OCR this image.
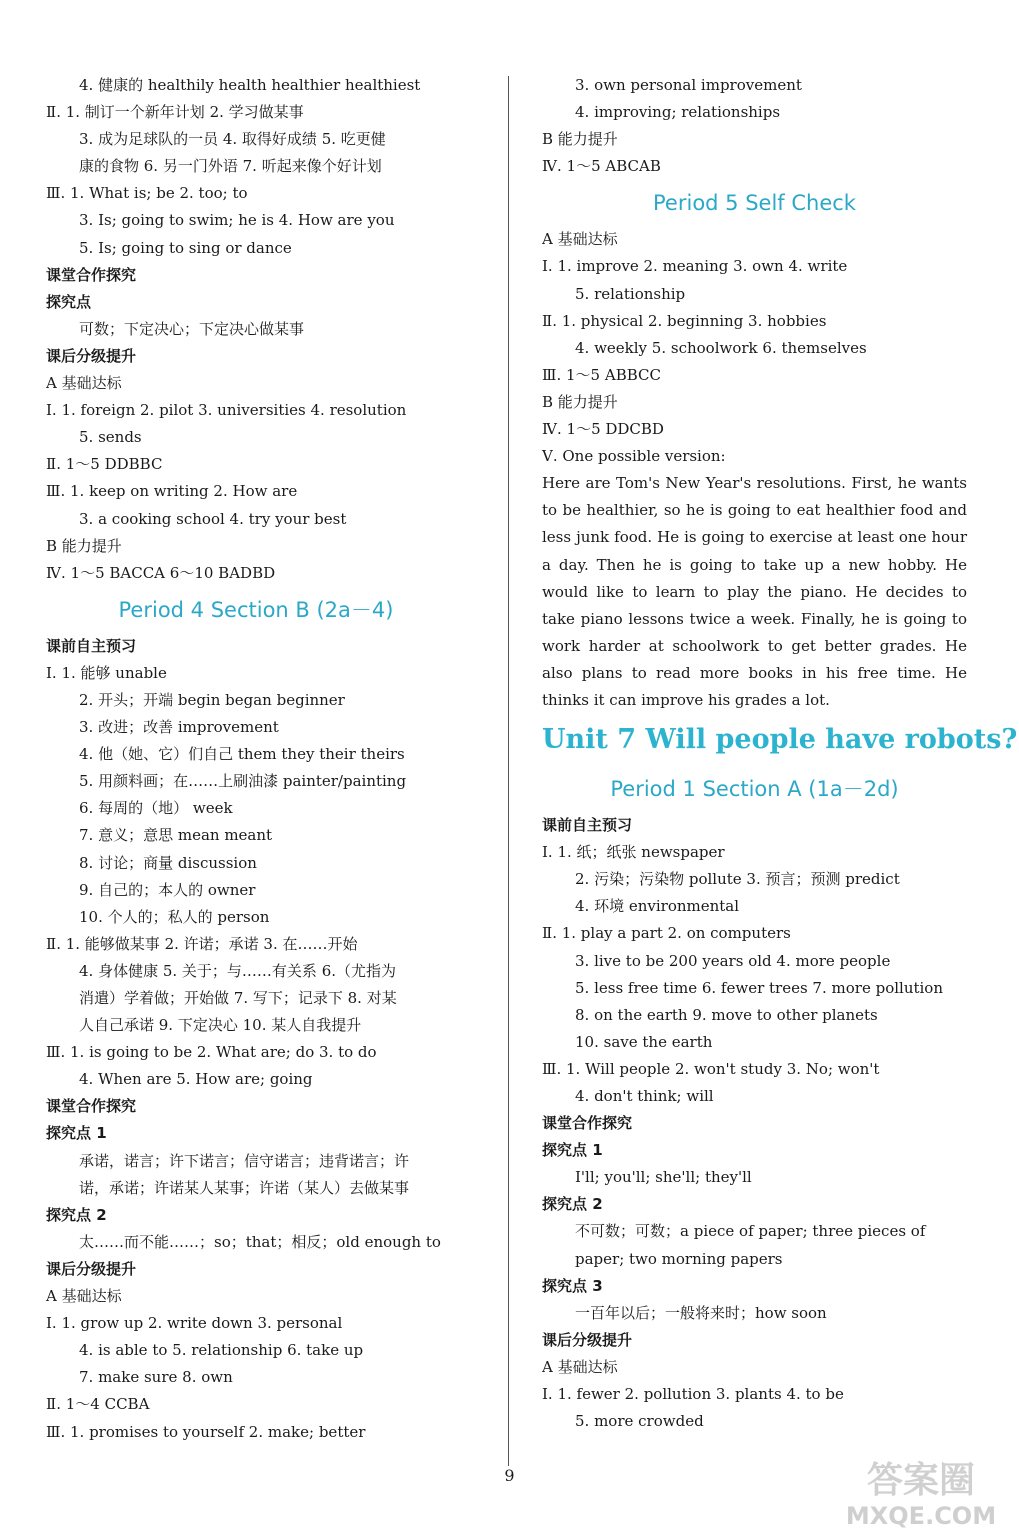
4. 健康的 healthily health healthier healthiest
Ⅱ. 1. 制订一个新年计划 2. 学习做某事
3. 成为足球队的一员 4. 取得好成绩 5. 吃更健
康的食物 6. 另一门外语 7. 听起来像个好计划
Ⅲ. 1. What is; be 2. too; to
3. Is; going to swim; he is 4. How are you
5. Is; going to sing or dance
课堂合作探究
探究点
可数；下定决心；下定决心做某事
课后分级提升
A 基础达标
Ⅰ. 1. foreign 2. pilot 3. universities 4. resolution
5. sends
Ⅱ. 1～5 DDBBC
Ⅲ. 1. keep on writing 2. How are
3. a cooking school 4. try your best
B 能力提升
Ⅳ. 1～5 BACCA 6～10 BADBD
Period 4 Section B (2a－4)
课前自主预习
Ⅰ. 1. 能够 unable
2. 开头；开端 begin began beginner
3. 改进；改善 improvement
4. 他（她、它）们自己 them they their theirs
5. 用颜料画；在……上刷油漆 painter/painting
6. 每周的（地） week
7. 意义；意思 mean meant
8. 讨论；商量 discussion
9. 自己的；本人的 owner
10. 个人的；私人的 person
Ⅱ. 1. 能够做某事 2. 许诺；承诺 3. 在……开始
4. 身体健康 5. 关于；与……有关系 6.（尤指为
消遣）学着做；开始做 7. 写下；记录下 8. 对某
人自己承诺 9. 下定决心 10. 某人自我提升
Ⅲ. 1. is going to be 2. What are; do 3. to do
4. When are 5. How are; going
课堂合作探究
探究点 1
承诺，诺言；许下诺言；信守诺言；违背诺言；许
诺，承诺；许诺某人某事；许诺（某人）去做某事
探究点 2
太……而不能……；so；that；相反；old enough to
课后分级提升
A 基础达标
Ⅰ. 1. grow up 2. write down 3. personal
4. is able to 5. relationship 6. take up
7. make sure 8. own
Ⅱ. 1～4 CCBA
Ⅲ. 1. promises to yourself 2. make; better
3. own personal improvement
4. improving; relationships
B 能力提升
Ⅳ. 1～5 ABCAB
Period 5 Self Check
A 基础达标
Ⅰ. 1. improve 2. meaning 3. own 4. write
5. relationship
Ⅱ. 1. physical 2. beginning 3. hobbies
4. weekly 5. schoolwork 6. themselves
Ⅲ. 1～5 ABBCC
B 能力提升
Ⅳ. 1～5 DDCBD
Ⅴ. One possible version:
Here are Tom's New Year's resolutions. First, he wants to be healthier, so he is going to eat healthier food and less junk food. He is going to exercise at least one hour a day. Then he is going to take up a new hobby. He would like to learn to play the piano. He decides to take piano lessons twice a week. Finally, he is going to work harder at schoolwork to get better grades. He also plans to read more books in his free time. He thinks it can improve his grades a lot.
Unit 7 Will people have robots?
Period 1 Section A (1a－2d)
课前自主预习
Ⅰ. 1. 纸；纸张 newspaper
2. 污染；污染物 pollute 3. 预言；预测 predict
4. 环境 environmental
Ⅱ. 1. play a part 2. on computers
3. live to be 200 years old 4. more people
5. less free time 6. fewer trees 7. more pollution
8. on the earth 9. move to other planets
10. save the earth
Ⅲ. 1. Will people 2. won't study 3. No; won't
4. don't think; will
课堂合作探究
探究点 1
I'll; you'll; she'll; they'll
探究点 2
不可数；可数；a piece of paper; three pieces of
paper; two morning papers
探究点 3
一百年以后；一般将来时；how soon
课后分级提升
A 基础达标
Ⅰ. 1. fewer 2. pollution 3. plants 4. to be
5. more crowded
9	答案圈
MXQE.COM
